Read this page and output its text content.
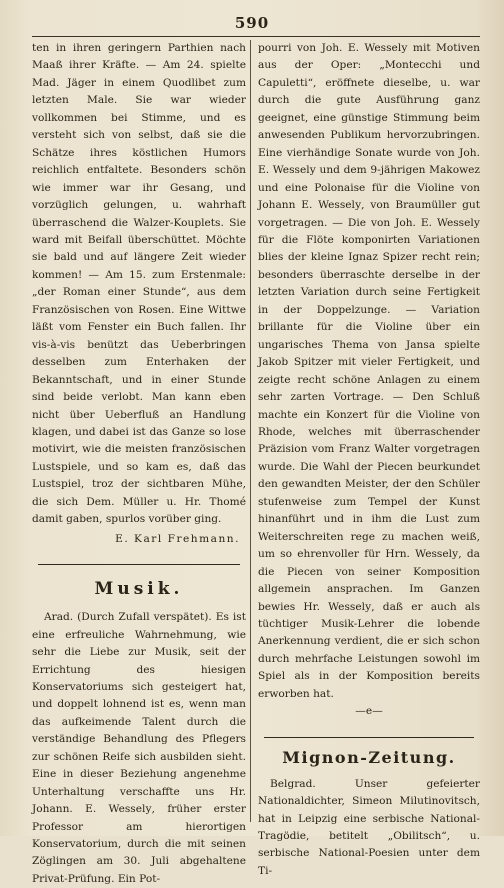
590

ten in ihren geringern Parthien nach Maaß ihrer Kräfte. — Am 24. spielte Mad. Jäger in einem Quodlibet zum letzten Male. Sie war wieder vollkommen bei Stimme, und es versteht sich von selbst, daß sie die Schätze ihres köstlichen Humors reichlich entfaltete. Besonders schön wie immer war ihr Gesang, und vorzüglich gelungen, u. wahrhaft überraschend die Walzer-Kouplets. Sie ward mit Beifall überschüttet. Möchte sie bald und auf längere Zeit wieder kommen! — Am 15. zum Erstenmale: „der Roman einer Stunde“, aus dem Französischen von Rosen. Eine Wittwe läßt vom Fenster ein Buch fallen. Ihr vis-à-vis benützt das Ueberbringen desselben zum Enterhaken der Bekanntschaft, und in einer Stunde sind beide verlobt. Man kann eben nicht über Ueberfluß an Handlung klagen, und dabei ist das Ganze so lose motivirt, wie die meisten französischen Lustspiele, und so kam es, daß das Lustspiel, troz der sichtbaren Mühe, die sich Dem. Müller u. Hr. Thomé damit gaben, spurlos vorüber ging.

E. Karl Frehmann.
Musik.

Arad. (Durch Zufall verspätet). Es ist eine erfreuliche Wahrnehmung, wie sehr die Liebe zur Musik, seit der Errichtung des hiesigen Konservatoriums sich gesteigert hat, und doppelt lohnend ist es, wenn man das aufkeimende Talent durch die verständige Behandlung des Pflegers zur schönen Reife sich ausbilden sieht. Eine in dieser Beziehung angenehme Unterhaltung verschaffte uns Hr. Johann. E. Wesselу, früher erster Professor am hierortigen Konservatorium, durch die mit seinen Zöglingen am 30. Juli abgehaltene Privat-Prüfung. Ein Pot-

pourri von Joh. E. Wesselу mit Motiven aus der Oper: „Montecchi und Capuletti“, eröffnete dieselbe, u. war durch die gute Ausführung ganz geeignet, eine günstige Stimmung beim anwesenden Publikum hervorzubringen. Eine vierhändige Sonate wurde von Joh. E. Wesselу und dem 9-jährigen Makowez und eine Polonaise für die Violine von Johann E. Wesselу, von Braumüller gut vorgetragen. — Die von Joh. E. Wesselу für die Flöte komponirten Variationen blies der kleine Ignaz Spizer recht rein; besonders überraschte derselbe in der letzten Variation durch seine Fertigkeit in der Doppelzunge. — Variation brillante für die Violine über ein ungarisches Thema von Jansa spielte Jakob Spitzer mit vieler Fertigkeit, und zeigte recht schöne Anlagen zu einem sehr zarten Vortrage. — Den Schluß machte ein Konzert für die Violine von Rhode, welches mit überraschender Präzision vom Franz Walter vorgetragen wurde. Die Wahl der Piecen beurkundet den gewandten Meister, der den Schüler stufenweise zum Tempel der Kunst hinanführt und in ihm die Lust zum Weiterschreiten rege zu machen weiß, um so ehrenvoller für Hrn. Wesselу, da die Piecen von seiner Komposition allgemein ansprachen. Im Ganzen bewies Hr. Wesselу, daß er auch als tüchtiger Musik-Lehrer die lobende Anerkennung verdient, die er sich schon durch mehrfache Leistungen sowohl im Spiel als in der Komposition bereits erworben hat.

—e—
Mignon-Zeitung.

Belgrad. Unser gefeierter Nationaldichter, Simeon Milutinovitsch, hat in Leipzig eine serbische National-Tragödie, betitelt „Obilitsch“, u. serbische National-Poesien unter dem Ti-
